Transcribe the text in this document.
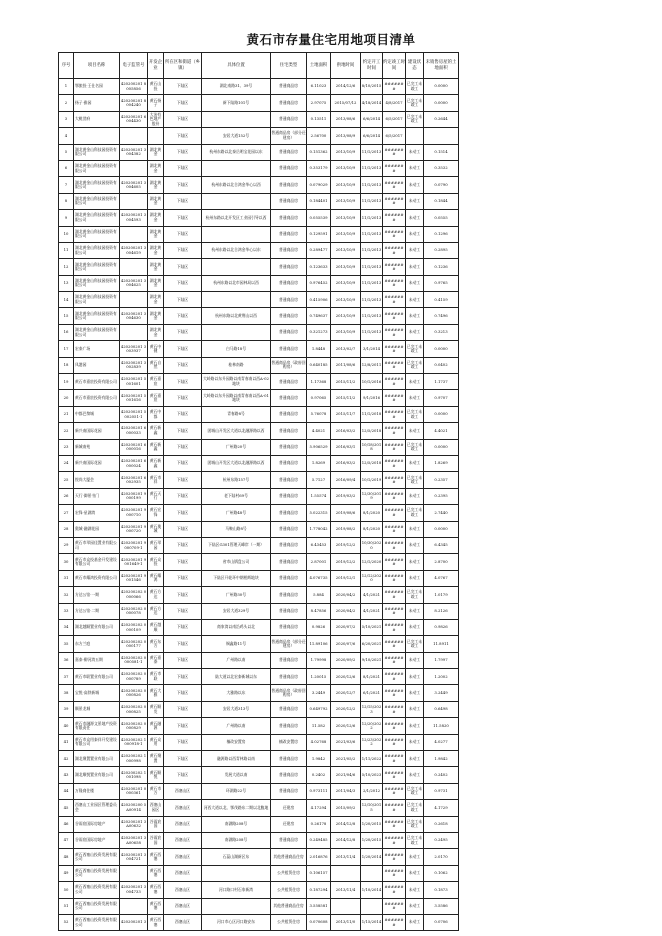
黄石市存量住宅用地项目清单
序号	项目名称	电子监管号	开发企业	所在区和街道（乡镇）	具体位置	住宅类型	土地面积	供地时间	约定开工时间	约定竣工时间	建设状态	未销售房屋的土地面积
1	鄂旅投·王仕名园	420200201 8005856	黄石山投	下陆区	湖北南路31、39号	普通商品房	6.11023	2014/12/6	8/10/2015	#######	已完工未竣工	0.0000
2	扬子·雅园	420200201 8004240	黄石扬子	下陆区	新下陆路101号	普通商品房	2.97075	2015/07/12	4/18/2014	4/8/2017	已完工未竣工	0.0000
3	大桃誉府	420200201 6004430	大冶有色地产股份	下陆区		普通商品房	0.13511	2013/08/6	6/6/2014	6/5/2017	已完工未竣工	0.2644
4				下陆区	安居大道152号	普通商品房（部分还建房）	2.56700	2013/08/9	6/6/2014	6/5/2017		
5	湖北黄金山科技园投资有限公司	420200201 3004382	湖北黄金	下陆区	杭州东路以北泰岳明宝花园以东	普通商品房	0.151362	2013/10/9	11/1/2013	#######	未动工	0.1514
6	湖北黄金山科技园投资有限公司		湖北黄金	下陆区		普通商品房	0.353179	2013/10/9	11/1/2013	#######	未动工	0.3532
7	湖北黄金山科技园投资有限公司	420200201 3004605	湖北黄金	下陆区	杭州东路以北合鸿金华心以西	普通商品房	0.079029	2013/10/9	11/1/2013	#######	未动工	0.0790
8	湖北黄金山科技园投资有限公司		湖北黄金	下陆区		普通商品房	0.184401	2013/10/9	11/1/2013	#######	未动工	0.1844
9	湖北黄金山科技园投资有限公司	420200201 3004593	湖北黄金	下陆区	杭州东路以北开发区工业园引导以西	普通商品房	0.055539	2013/10/9	11/1/2013	#######	未动工	0.0555
10	湖北黄金山科技园投资有限公司		湖北黄金	下陆区		普通商品房	0.129591	2013/10/9	11/1/2013	#######	未动工	0.1296
11	湖北黄金山科技园投资有限公司	420200201 3004619	湖北黄金	下陆区	杭州东路以北合鸿金华心以东	普通商品房	0.289477	2013/10/9	11/1/2013	#######	未动工	0.2895
12	湖北黄金山科技园投资有限公司		湖北黄金	下陆区		普通商品房	0.123633	2013/10/9	11/1/2013	#######	未动工	0.1236
13	湖北黄金山科技园投资有限公司	420200201 3004625	湖北黄金	下陆区	杭州东路以北市园林局以西	普通商品房	0.976452	2013/10/9	11/1/2013	#######	未动工	0.9765
14	湖北黄金山科技园投资有限公司		湖北黄金	下陆区		普通商品房	0.415906	2013/10/9	11/1/2013	#######	未动工	0.4159
15	湖北黄金山科技园投资有限公司	420200201 3004630	湖北黄金	下陆区	杭州东路以北黄荆山以西	普通商品房	0.749637	2013/10/9	11/1/2013	#######	未动工	0.7496
16	湖北黄金山科技园投资有限公司		湖北黄金	下陆区		普通商品房	0.321273	2013/10/9	11/1/2013	#######	未动工	0.3213
17	宏泰广场	420200201 3003937	黄石中健	下陆区	白马路18号	普通商品房	1.8448	2013/02/7	3/1/2014	#######	已完工未竣工	0.0000
18	凤港园	420200201 3002839	黄石自然	下陆区	桂林南路	普通商品房（政府回购房）	0.640185	2011/08/6	12/8/2011	#######	已完工未竣工	0.0402
19	黄石市嘉宸投资有限公司	420200201 5001601	黄石嘉宸	下陆区	大岭路以东升园路以南青春南以西A-02地块	普通商品房	1.17368	2015/11/2	10/1/2016	#######	未动工	1.1737
20	黄石市嘉宸投资有限公司	420200201 5001616	黄石嘉宸	下陆区	大岭路以东升园路以南青春南以西A-01地块	普通商品房	0.97065	2015/11/2	9/1/2016	#######	未动工	0.9707
21	中都巴黎城	420200201 5002051-1	黄石中都	下陆区	青春路8号	普通商品房	5.76078	2015/11/7	11/1/2018	#######	已完工未竣工	0.0000
22	新兴南国际花园	420200201 6000033	黄石新鑫	下陆区	团城山开发区大道以北融源路以西	普通商品房	4.4021	2016/03/2	12/5/2018	#######	未动工	4.4021
23	新城南苑	420200201 6000016	黄石新鑫	下陆区	广州路20号	普通商品房	5.906529	2016/03/1	10/18/2018	#######	已完工未竣工	0.0000
24	新兴南国际花园	420200201 6000024	黄石新鑫	下陆区	团城山开发区大道以北融源路以西	普通商品房	1.8269	2016/03/2	12/5/2018	#######	未动工	1.8269
25	悦尚大厦会	420200201 6002935	黄石市祥	下陆区	杭州东路157号	普通商品房	5.7127	2016/09/4	10/1/2019	#######	已完工未竣工	0.2357
26	天行·御景书门	420200201 9000199	黄石天行	下陆区	老下陆村69号	普通商品房	1.55574	2019/03/2	12/30/2019	#######	未动工	0.2395
27	宏锋·星湖湾	420200201 9000710	黄石宏锋	下陆区	广州路48号	普通商品房	5.022315	2019/08/6	8/1/2020	#######	已完工未竣工	2.7440
28	奥城·融湖花园	420200201 9000720	黄石奥城	下陆区	马鞍山路8号	普通商品房	1.778042	2019/08/2	8/1/2020	#######	未动工	0.0000
29	黄石市翠园佳置业有限公司	420200201 9000709-1	黄石翠园	下陆区	下陆区G301管理天峰岸（一期）	普通商品房	6.43453	2019/12/2	10/30/2020	#######	未动工	6.4345
30	黄石市众投基金开发建设有限公司	420200201 9001649-1	黄石众投	下陆区	省市山锅盘公司	普通商品房	2.87001	2019/12/2	12/1/2020	#######	未动工	2.8700
31	黄石市耀鸿投资有限公司	420200201 9001546	黄石耀鸿	下陆区	下陆区开轮环中钢相辉地块	普通商品房	4.076735	2019/12/1	12/12/2020	#######	未动工	4.0767
32	方达公馆·一期	420200202 0000066	黄石方达	下陆区	广州路30号	普通商品房	5.884	2020/04/2	4/1/2021	#######	已完工未竣工	1.0179
33	方达公馆·二期	420200202 0000078	黄石方达	下陆区	安居大道329号	普通商品房	8.47856	2020/04/2	4/1/2021	#######	未动工	8.2126
34	湖北越顺置业有限公司	420200202 0000109	黄石越顺	下陆区	商家湾以南沿鸡头以北	普通商品房	0.9826	2020/07/2	5/10/2021	#######	未动工	0.9826
35	东方兰庭	420200202 0000177	黄石东方	下陆区	铜鑫路11号	普通商品房（部分还建房）	11.89106	2020/07/6	6/20/2021	#######	已完工未竣工	11.8911
36	嘉泰·柳河湾五期	420200202 0000581-1	黄石嘉泰	下陆区	广州路以南	普通商品房	1.79998	2020/09/2	9/10/2021	#######	未动工	1.7997
37	黄石市联置业有限公司	420200202 0000789	黄石市联	下陆区	陆大道以北宏泰新城以东	普通商品房	1.20015	2020/12/6	8/1/2021	#######	未动工	1.2002
38	宝悦·高铁新城	420200202 0000826	黄石大雅	下陆区	大雅路以东	普通商品房（政府回购房）	3.2449	2020/12/7	6/1/2021	#######	未动工	3.2449
39	顺景龙城	420200202 0000825	黄石顺发	下陆区	安居大道313号	普通商品房	0.649792	2020/12/2	12/15/2023	#######	未动工	0.6498
40	黄石市融源文景地产投资有限责任	420200202 0000829	黄石融源	下陆区	广州路以南	普通商品房	11.582	2020/12/6	12/20/2022	#######	未动工	11.5820
41	黄石市众用泰祥开发建设有限公司	420200202 1000918-1	黄石众用	下陆区	楠改安置房	楠改安置房	4.02768	2021/03/6	12/23/2022	#######	未动工	4.0277
42	湖北聚置置业有限公司	420200202 1000998	黄石聚置	下陆区	融源路以西青林路以南	普通商品房	1.9842	2021/05/2	1/11/2022	#######	未动工	1.9842
43	湖北顺悦置业有限公司	420200202 1001098	黄石顺悦	下陆区	发展大道以南	普通商品房	0.2402	2021/04/6	5/10/2023	#######	未动工	0.2402
44	万隆商住楼	420200201 0000361	黄石市万	西塞山区	环湖路22号	普通商品房	0.973111	2011/04/3	2/1/2012	#######	已完工未竣工	0.9731
45	西塞山工业园区管理委员会	420200200 5A00914	西塞山园区	西塞山区	河西大道以北、鄂茂路东二期以北腹地	还建房	4.17294	2015/09/2	12/10/2015	#######	已完工未竣工	4.1729
46	谷雨宸国际房地产	420200201 3A00632	谷雨宸国	西塞山区	南湖路208号	还建房	0.26178	2014/12/8	1/20/2015	#######	已完工未竣工	0.2618
47	谷雨宸国际房地产	420200201 3A00658	谷雨宸国	西塞山区	南湖路208号	普通商品房	0.249485	2014/12/8	1/20/2015	#######	已完工未竣工	0.2495
48	黄石西塞山投资发展有限公司	420200201 3004721	黄石西塞	西塞山区	石蕊山湖新区东	其他普通商品住房	2.016876	2013/11/4	1/20/2014	#######	未动工	2.0170
49	黄石西塞山投资发展有限公司		黄石西塞	西塞山区		公共租赁住房	0.106157			#######	未动工	0.1062
50	黄石西塞山投资发展有限公司	420200201 3004733	黄石西塞	西塞山区	河口路口村石家新湾	公共租赁住房	0.187294	2013/11/4	1/10/2014	#######	未动工	0.1873
51	黄石西塞山投资发展有限公司		黄石西塞	西塞山区		其他普通商品住房	3.558581			#######	未动工	3.5586
52	黄石西塞山投资发展有限公司	420200201 3	黄石西塞	西塞山区	河口市心区河口路安东	公共租赁住房	0.070608	2013/11/0	1/15/2014	#######	未动工	0.0706
